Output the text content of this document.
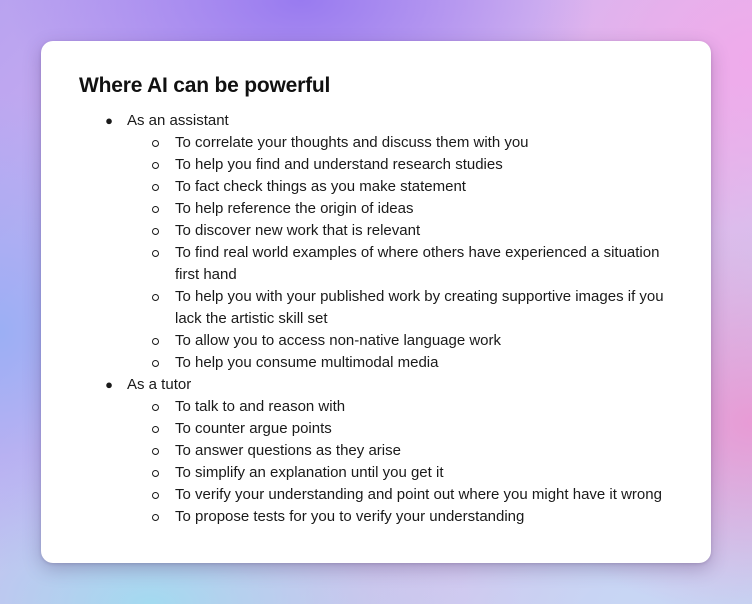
Where AI can be powerful
● As an assistant
To correlate your thoughts and discuss them with you
To help you find and understand research studies
To fact check things as you make statement
To help reference the origin of ideas
To discover new work that is relevant
To find real world examples of where others have experienced a situation first hand
To help you with your published work by creating supportive images if you lack the artistic skill set
To allow you to access non-native language work
To help you consume multimodal media
● As a tutor
To talk to and reason with
To counter argue points
To answer questions as they arise
To simplify an explanation until you get it
To verify your understanding and point out where you might have it wrong
To propose tests for you to verify your understanding
